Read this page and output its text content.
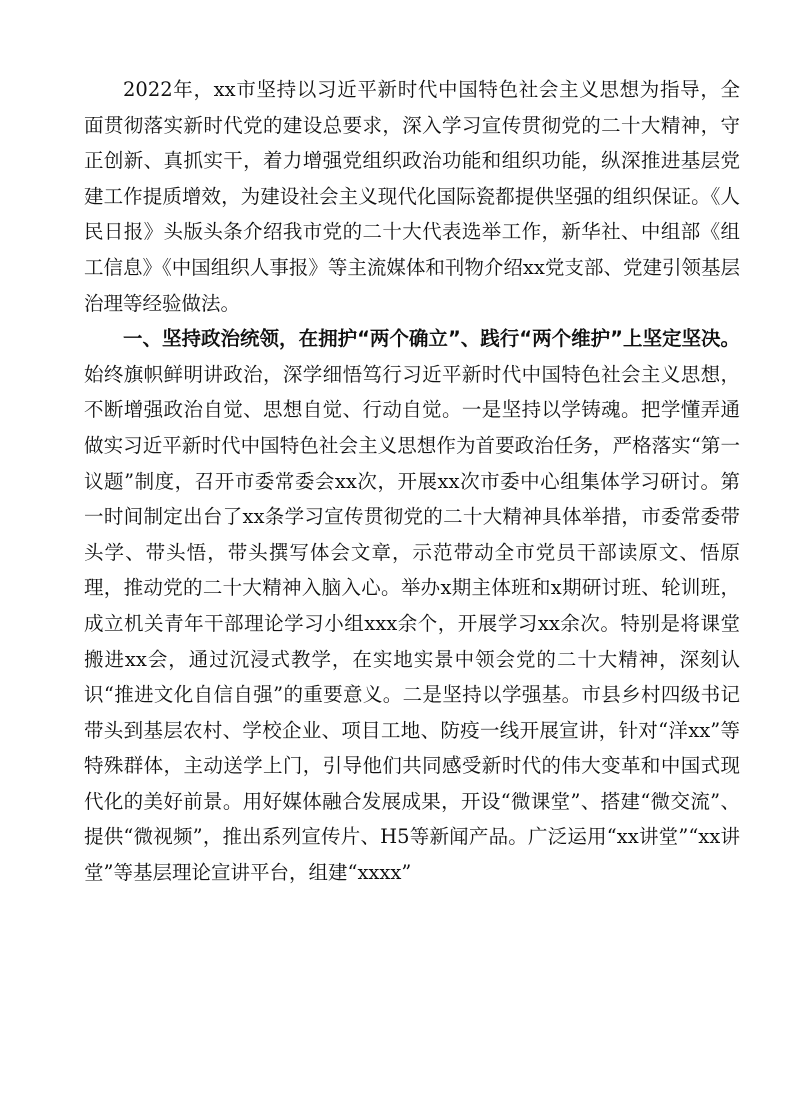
2022年，xx市坚持以习近平新时代中国特色社会主义思想为指导，全面贯彻落实新时代党的建设总要求，深入学习宣传贯彻党的二十大精神，守正创新、真抓实干，着力增强党组织政治功能和组织功能，纵深推进基层党建工作提质增效，为建设社会主义现代化国际瓷都提供坚强的组织保证。《人民日报》头版头条介绍我市党的二十大代表选举工作，新华社、中组部《组工信息》《中国组织人事报》等主流媒体和刊物介绍xx党支部、党建引领基层治理等经验做法。

一、坚持政治统领，在拥护“两个确立”、践行“两个维护”上坚定坚决。始终旗帜鲜明讲政治，深学细悟笃行习近平新时代中国特色社会主义思想，不断增强政治自觉、思想自觉、行动自觉。一是坚持以学铸魂。把学懂弄通做实习近平新时代中国特色社会主义思想作为首要政治任务，严格落实“第一议题”制度，召开市委常委会xx次，开展xx次市委中心组集体学习研讨。第一时间制定出台了xx条学习宣传贯彻党的二十大精神具体举措，市委常委带头学、带头悟，带头撰写体会文章，示范带动全市党员干部读原文、悟原理，推动党的二十大精神入脑入心。举办x期主体班和x期研讨班、轮训班，成立机关青年干部理论学习小组xxx余个，开展学习xx余次。特别是将课堂搬进xx会，通过沉浸式教学，在实地实景中领会党的二十大精神，深刻认识“推进文化自信自强”的重要意义。二是坚持以学强基。市县乡村四级书记带头到基层农村、学校企业、项目工地、防疫一线开展宣讲，针对“洋xx”等特殊群体，主动送学上门，引导他们共同感受新时代的伟大变革和中国式现代化的美好前景。用好媒体融合发展成果，开设“微课堂”、搭建“微交流”、提供“微视频”，推出系列宣传片、H5等新闻产品。广泛运用“xx讲堂”“xx讲堂”等基层理论宣讲平台，组建“xxxx”
